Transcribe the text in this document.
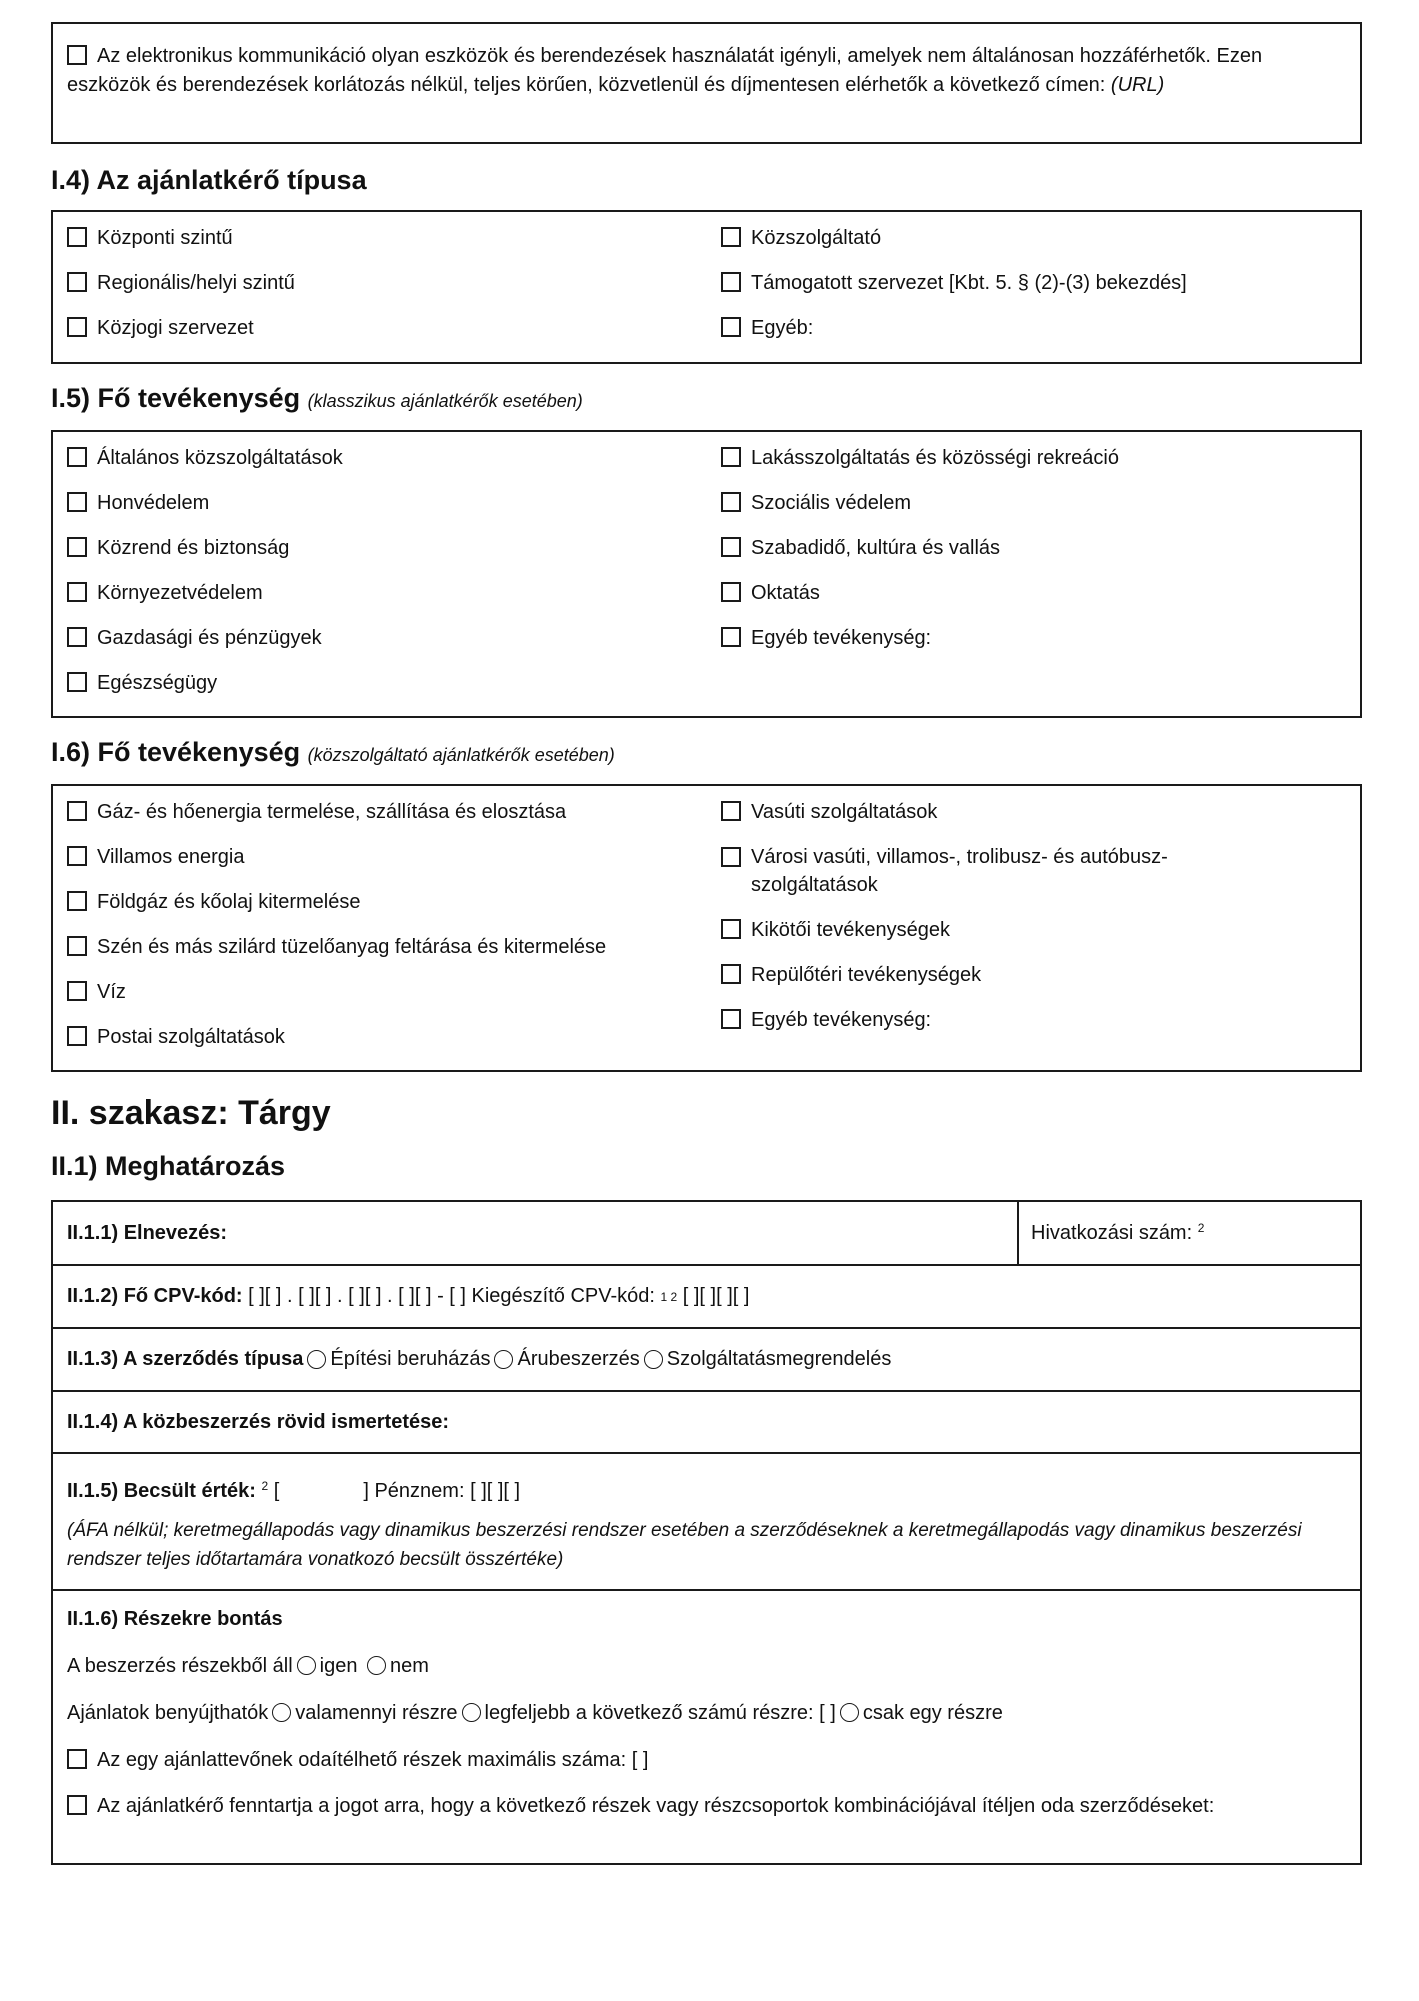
Az elektronikus kommunikáció olyan eszközök és berendezések használatát igényli, amelyek nem általánosan hozzáférhetők. Ezen eszközök és berendezések korlátozás nélkül, teljes körűen, közvetlenül és díjmentesen elérhetők a következő címen: (URL)
I.4) Az ajánlatkérő típusa
Központi szintű
Regionális/helyi szintű
Közjogi szervezet
Közszolgáltató
Támogatott szervezet [Kbt. 5. § (2)-(3) bekezdés]
Egyéb:
I.5) Fő tevékenység (klasszikus ajánlatkérők esetében)
Általános közszolgáltatások
Honvédelem
Közrend és biztonság
Környezetvédelem
Gazdasági és pénzügyek
Egészségügy
Lakásszolgáltatás és közösségi rekreáció
Szociális védelem
Szabadidő, kultúra és vallás
Oktatás
Egyéb tevékenység:
I.6) Fő tevékenység (közszolgáltató ajánlatkérők esetében)
Gáz- és hőenergia termelése, szállítása és elosztása
Villamos energia
Földgáz és kőolaj kitermelése
Szén és más szilárd tüzelőanyag feltárása és kitermelése
Víz
Postai szolgáltatások
Vasúti szolgáltatások
Városi vasúti, villamos-, trolibusz- és autóbusz-szolgáltatások
Kikötői tevékenységek
Repülőtéri tevékenységek
Egyéb tevékenység:
II. szakasz: Tárgy
II.1) Meghatározás
II.1.1) Elnevezés:	Hivatkozási szám: $^2$
II.1.2) Fő CPV-kód:
[ ][ ] . [ ][ ] . [ ][ ] . [ ][ ] - [ ]
Kiegészítő CPV-kód:
1 2
[ ][ ][ ][ ]
II.1.3) A szerződés típusa Építési beruházás Árubeszerzés Szolgáltatásmegrendelés
II.1.4) A közbeszerzés rövid ismertetése:
II.1.5) Becsült érték: $^2$ [	] Pénznem: [ ][ ][ ]
(ÁFA nélkül; keretmegállapodás vagy dinamikus beszerzési rendszer esetében a szerződéseknek a keretmegállapodás vagy dinamikus beszerzési rendszer teljes időtartamára vonatkozó becsült összértéke)
II.1.6) Részekre bontás
A beszerzés részekből áll igen nem
Ajánlatok benyújthatók valamennyi részre legfeljebb a következő számú részre: [ ] csak egy részre
Az egy ajánlattevőnek odaítélhető részek maximális száma: [ ]
Az ajánlatkérő fenntartja a jogot arra, hogy a következő részek vagy részcsoportok kombinációjával ítéljen oda szerződéseket:
